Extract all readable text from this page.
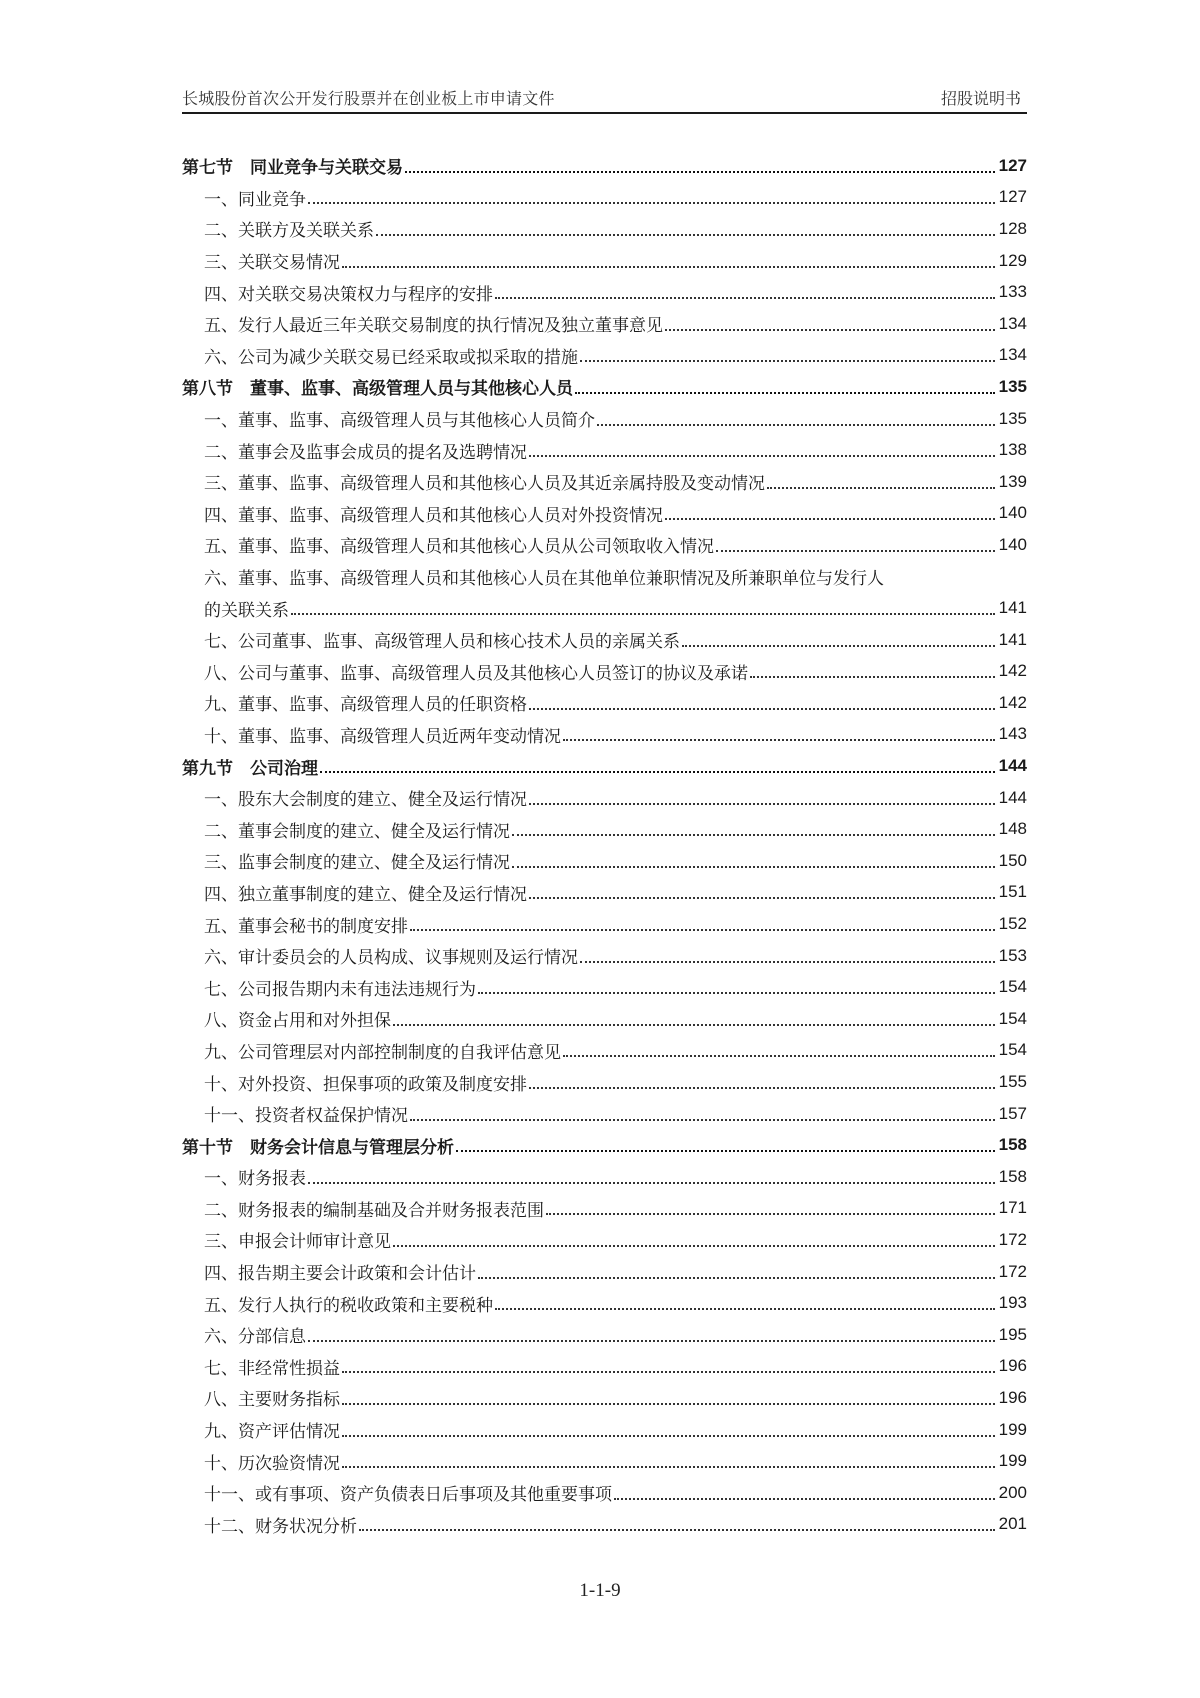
长城股份首次公开发行股票并在创业板上市申请文件	招股说明书
第七节　同业竞争与关联交易	127
一、同业竞争	127
二、关联方及关联关系	128
三、关联交易情况	129
四、对关联交易决策权力与程序的安排	133
五、发行人最近三年关联交易制度的执行情况及独立董事意见	134
六、公司为减少关联交易已经采取或拟采取的措施	134
第八节　董事、监事、高级管理人员与其他核心人员	135
一、董事、监事、高级管理人员与其他核心人员简介	135
二、董事会及监事会成员的提名及选聘情况	138
三、董事、监事、高级管理人员和其他核心人员及其近亲属持股及变动情况	139
四、董事、监事、高级管理人员和其他核心人员对外投资情况	140
五、董事、监事、高级管理人员和其他核心人员从公司领取收入情况	140
六、董事、监事、高级管理人员和其他核心人员在其他单位兼职情况及所兼职单位与发行人
的关联关系	141
七、公司董事、监事、高级管理人员和核心技术人员的亲属关系	141
八、公司与董事、监事、高级管理人员及其他核心人员签订的协议及承诺	142
九、董事、监事、高级管理人员的任职资格	142
十、董事、监事、高级管理人员近两年变动情况	143
第九节　公司治理	144
一、股东大会制度的建立、健全及运行情况	144
二、董事会制度的建立、健全及运行情况	148
三、监事会制度的建立、健全及运行情况	150
四、独立董事制度的建立、健全及运行情况	151
五、董事会秘书的制度安排	152
六、审计委员会的人员构成、议事规则及运行情况	153
七、公司报告期内未有违法违规行为	154
八、资金占用和对外担保	154
九、公司管理层对内部控制制度的自我评估意见	154
十、对外投资、担保事项的政策及制度安排	155
十一、投资者权益保护情况	157
第十节　财务会计信息与管理层分析	158
一、财务报表	158
二、财务报表的编制基础及合并财务报表范围	171
三、申报会计师审计意见	172
四、报告期主要会计政策和会计估计	172
五、发行人执行的税收政策和主要税种	193
六、分部信息	195
七、非经常性损益	196
八、主要财务指标	196
九、资产评估情况	199
十、历次验资情况	199
十一、或有事项、资产负债表日后事项及其他重要事项	200
十二、财务状况分析	201
1-1-9
